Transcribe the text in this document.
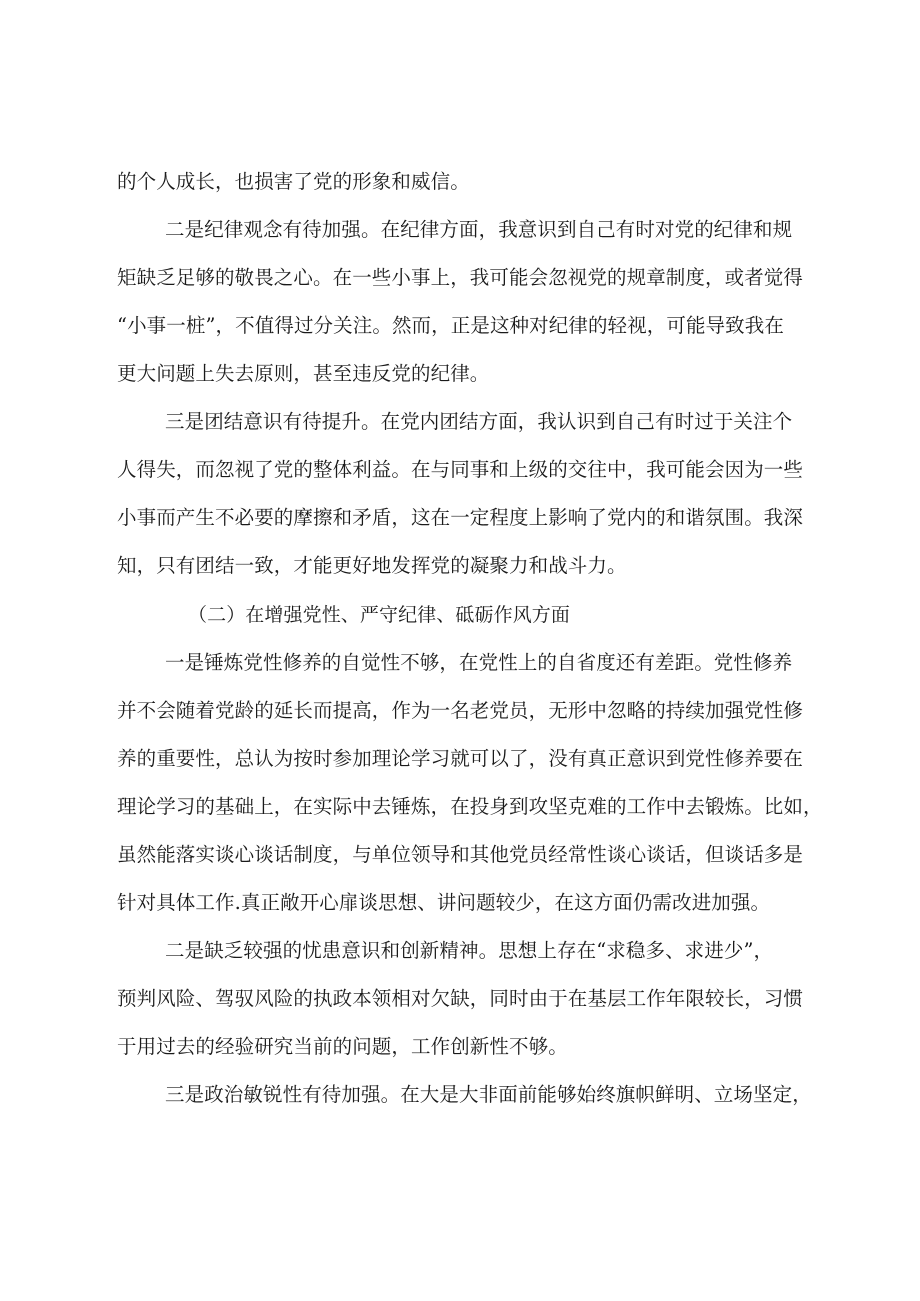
的个人成长，也损害了党的形象和威信。
二是纪律观念有待加强。在纪律方面，我意识到自己有时对党的纪律和规
矩缺乏足够的敬畏之心。在一些小事上，我可能会忽视党的规章制度，或者觉得
“小事一桩”，不值得过分关注。然而，正是这种对纪律的轻视，可能导致我在
更大问题上失去原则，甚至违反党的纪律。
三是团结意识有待提升。在党内团结方面，我认识到自己有时过于关注个
人得失，而忽视了党的整体利益。在与同事和上级的交往中，我可能会因为一些
小事而产生不必要的摩擦和矛盾，这在一定程度上影响了党内的和谐氛围。我深
知，只有团结一致，才能更好地发挥党的凝聚力和战斗力。
（二）在增强党性、严守纪律、砥砺作风方面
一是锤炼党性修养的自觉性不够，在党性上的自省度还有差距。党性修养
并不会随着党龄的延长而提高，作为一名老党员，无形中忽略的持续加强党性修
养的重要性，总认为按时参加理论学习就可以了，没有真正意识到党性修养要在
理论学习的基础上，在实际中去锤炼，在投身到攻坚克难的工作中去锻炼。比如，
虽然能落实谈心谈话制度，与单位领导和其他党员经常性谈心谈话，但谈话多是
针对具体工作.真正敞开心扉谈思想、讲问题较少，在这方面仍需改进加强。
二是缺乏较强的忧患意识和创新精神。思想上存在“求稳多、求进少”，
预判风险、驾驭风险的执政本领相对欠缺，同时由于在基层工作年限较长，习惯
于用过去的经验研究当前的问题，工作创新性不够。
三是政治敏锐性有待加强。在大是大非面前能够始终旗帜鲜明、立场坚定，
